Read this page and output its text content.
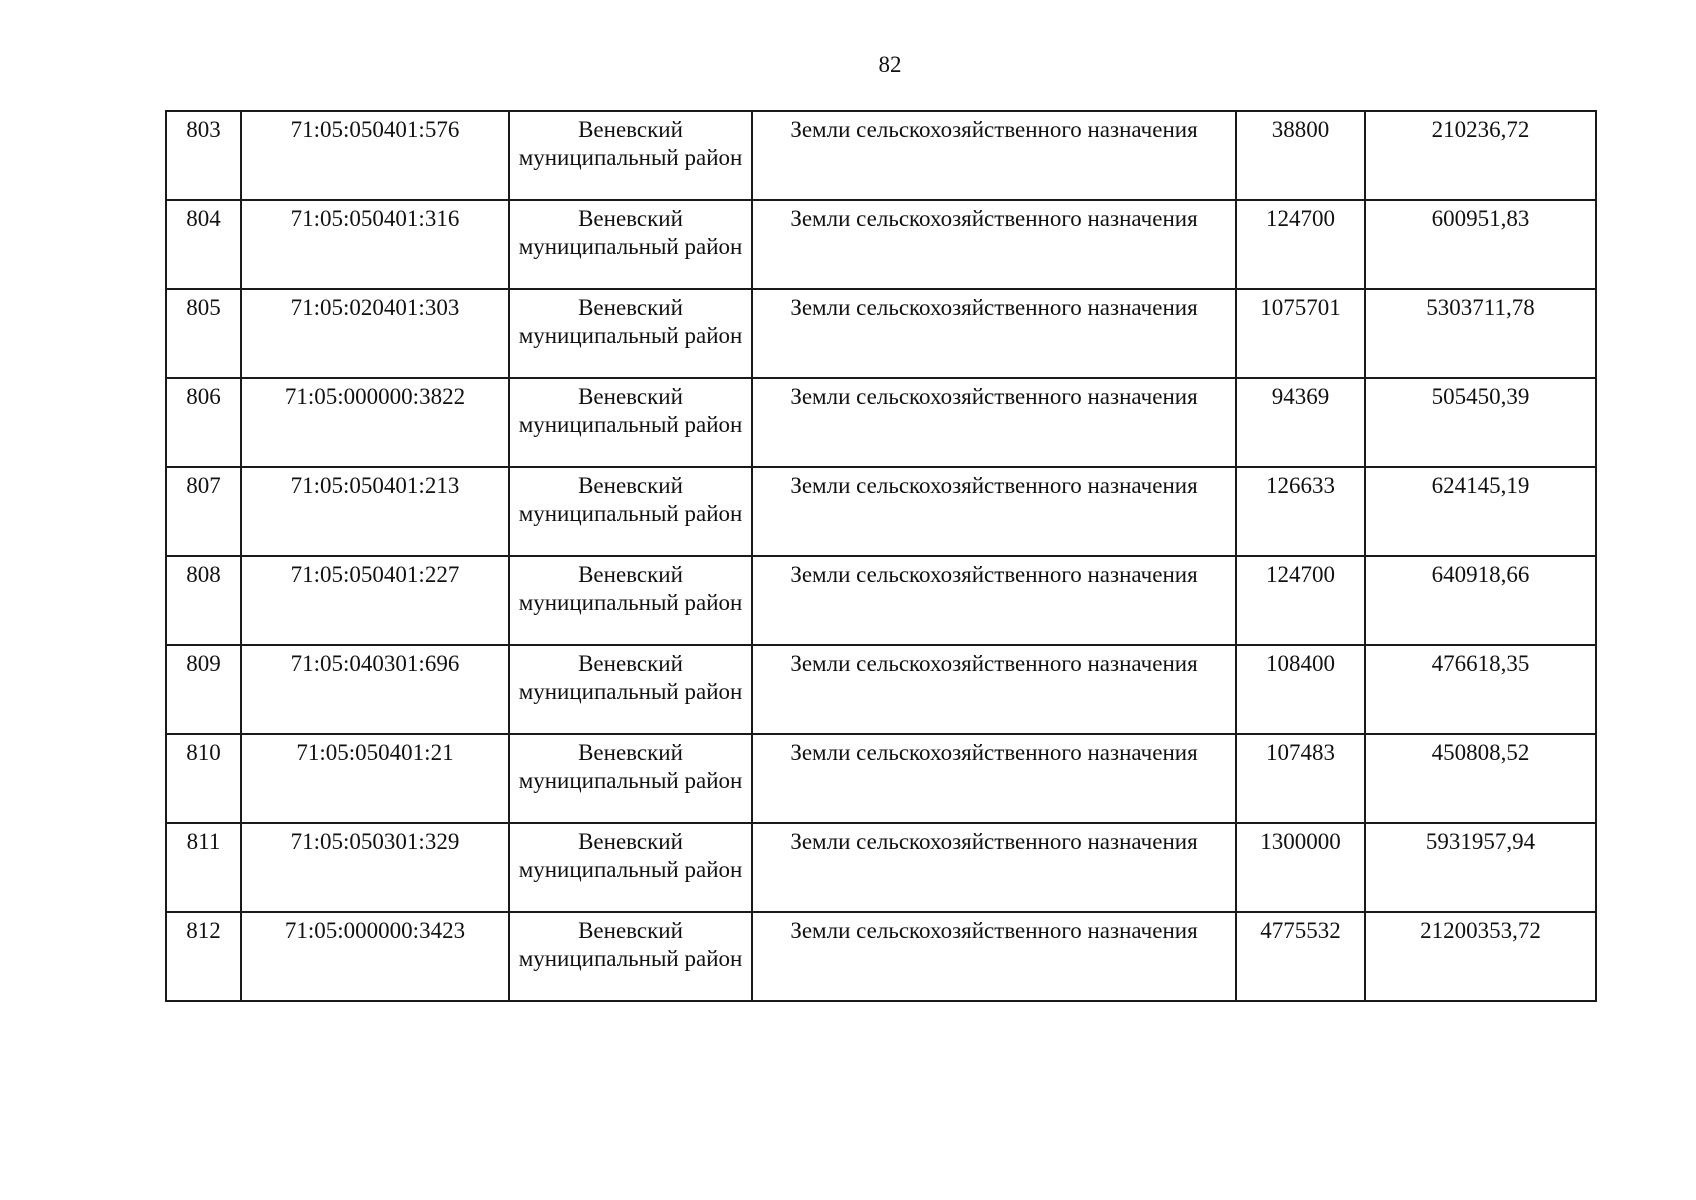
82
803	71:05:050401:576	Веневский муниципальный район	Земли сельскохозяйственного назначения	38800	210236,72
804	71:05:050401:316	Веневский муниципальный район	Земли сельскохозяйственного назначения	124700	600951,83
805	71:05:020401:303	Веневский муниципальный район	Земли сельскохозяйственного назначения	1075701	5303711,78
806	71:05:000000:3822	Веневский муниципальный район	Земли сельскохозяйственного назначения	94369	505450,39
807	71:05:050401:213	Веневский муниципальный район	Земли сельскохозяйственного назначения	126633	624145,19
808	71:05:050401:227	Веневский муниципальный район	Земли сельскохозяйственного назначения	124700	640918,66
809	71:05:040301:696	Веневский муниципальный район	Земли сельскохозяйственного назначения	108400	476618,35
810	71:05:050401:21	Веневский муниципальный район	Земли сельскохозяйственного назначения	107483	450808,52
811	71:05:050301:329	Веневский муниципальный район	Земли сельскохозяйственного назначения	1300000	5931957,94
812	71:05:000000:3423	Веневский муниципальный район	Земли сельскохозяйственного назначения	4775532	21200353,72
